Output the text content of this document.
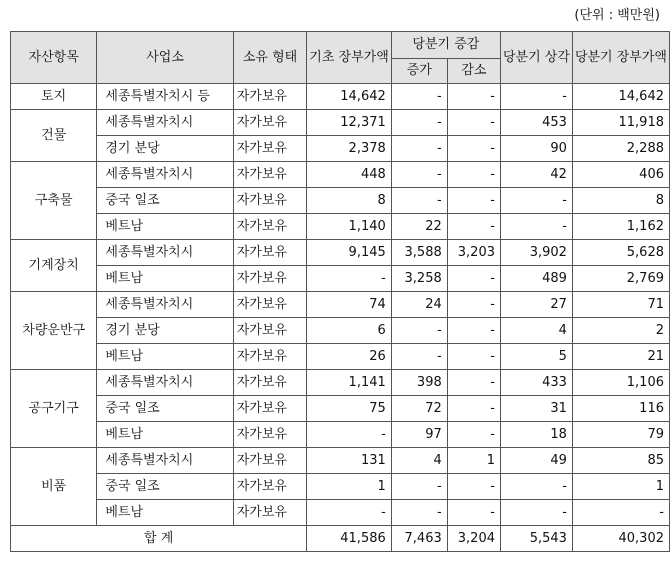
(단위 : 백만원)
자산항목	사업소	소유 형태	기초 장부가액	당분기 증감		당분기 상각	당분기 장부가액
				증가	감소		
토지	세종특별자치시 등	자가보유	14,642	-	-	-	14,642
건물	세종특별자치시	자가보유	12,371	-	-	453	11,918
	경기 분당	자가보유	2,378	-	-	90	2,288
구축물	세종특별자치시	자가보유	448	-	-	42	406
	중국 일조	자가보유	8	-	-	-	8
	베트남	자가보유	1,140	22	-	-	1,162
기계장치	세종특별자치시	자가보유	9,145	3,588	3,203	3,902	5,628
	베트남	자가보유	-	3,258	-	489	2,769
차량운반구	세종특별자치시	자가보유	74	24	-	27	71
	경기 분당	자가보유	6	-	-	4	2
	베트남	자가보유	26	-	-	5	21
공구기구	세종특별자치시	자가보유	1,141	398	-	433	1,106
	중국 일조	자가보유	75	72	-	31	116
	베트남	자가보유	-	97	-	18	79
비품	세종특별자치시	자가보유	131	4	1	49	85
	중국 일조	자가보유	1	-	-	-	1
	베트남	자가보유	-	-	-	-	-
합 계			41,586	7,463	3,204	5,543	40,302
